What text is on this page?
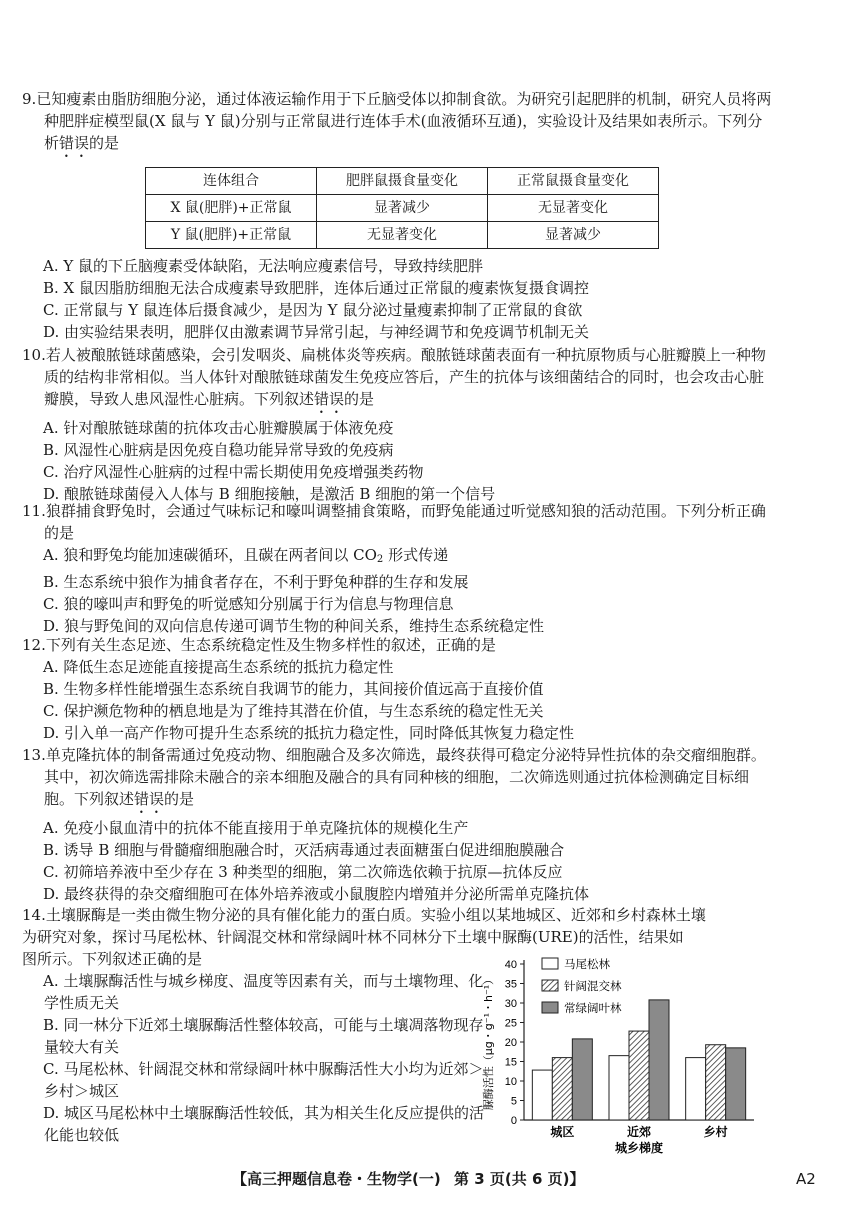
9.已知瘦素由脂肪细胞分泌，通过体液运输作用于下丘脑受体以抑制食欲。为研究引起肥胖的机制，研究人员将两种肥胖症模型鼠(X 鼠与 Y 鼠)分别与正常鼠进行连体手术(血液循环互通)，实验设计及结果如表所示。下列分析错误的是

连体组合	肥胖鼠摄食量变化	正常鼠摄食量变化
X 鼠(肥胖)+正常鼠	显著减少	无显著变化
Y 鼠(肥胖)+正常鼠	无显著变化	显著减少

A. Y 鼠的下丘脑瘦素受体缺陷，无法响应瘦素信号，导致持续肥胖

B. X 鼠因脂肪细胞无法合成瘦素导致肥胖，连体后通过正常鼠的瘦素恢复摄食调控

C. 正常鼠与 Y 鼠连体后摄食减少，是因为 Y 鼠分泌过量瘦素抑制了正常鼠的食欲

D. 由实验结果表明，肥胖仅由激素调节异常引起，与神经调节和免疫调节机制无关

10.若人被酿脓链球菌感染，会引发咽炎、扁桃体炎等疾病。酿脓链球菌表面有一种抗原物质与心脏瓣膜上一种物质的结构非常相似。当人体针对酿脓链球菌发生免疫应答后，产生的抗体与该细菌结合的同时，也会攻击心脏瓣膜，导致人患风湿性心脏病。下列叙述错误的是

A. 针对酿脓链球菌的抗体攻击心脏瓣膜属于体液免疫

B. 风湿性心脏病是因免疫自稳功能异常导致的免疫病

C. 治疗风湿性心脏病的过程中需长期使用免疫增强类药物

D. 酿脓链球菌侵入人体与 B 细胞接触，是激活 B 细胞的第一个信号

11.狼群捕食野兔时，会通过气味标记和嚎叫调整捕食策略，而野兔能通过听觉感知狼的活动范围。下列分析正确的是

A. 狼和野兔均能加速碳循环，且碳在两者间以 $CO_2$ 形式传递

B. 生态系统中狼作为捕食者存在，不利于野兔种群的生存和发展

C. 狼的嚎叫声和野兔的听觉感知分别属于行为信息与物理信息

D. 狼与野兔间的双向信息传递可调节生物的种间关系，维持生态系统稳定性

12.下列有关生态足迹、生态系统稳定性及生物多样性的叙述，正确的是

A. 降低生态足迹能直接提高生态系统的抵抗力稳定性

B. 生物多样性能增强生态系统自我调节的能力，其间接价值远高于直接价值

C. 保护濒危物种的栖息地是为了维持其潜在价值，与生态系统的稳定性无关

D. 引入单一高产作物可提升生态系统的抵抗力稳定性，同时降低其恢复力稳定性

13.单克隆抗体的制备需通过免疫动物、细胞融合及多次筛选，最终获得可稳定分泌特异性抗体的杂交瘤细胞群。其中，初次筛选需排除未融合的亲本细胞及融合的具有同种核的细胞，二次筛选则通过抗体检测确定目标细胞。下列叙述错误的是

A. 免疫小鼠血清中的抗体不能直接用于单克隆抗体的规模化生产

B. 诱导 B 细胞与骨髓瘤细胞融合时，灭活病毒通过表面糖蛋白促进细胞膜融合

C. 初筛培养液中至少存在 3 种类型的细胞，第二次筛选依赖于抗原—抗体反应

D. 最终获得的杂交瘤细胞可在体外培养液或小鼠腹腔内增殖并分泌所需单克隆抗体

14.土壤脲酶是一类由微生物分泌的具有催化能力的蛋白质。实验小组以某地城区、近郊和乡村森林土壤

为研究对象，探讨马尾松林、针阔混交林和常绿阔叶林不同林分下土壤中脲酶(URE)的活性，结果如

图所示。下列叙述正确的是

A. 土壤脲酶活性与城乡梯度、温度等因素有关，而与土壤物理、化学性质无关

B. 同一林分下近郊土壤脲酶活性整体较高，可能与土壤凋落物现存量较大有关

C. 马尾松林、针阔混交林和常绿阔叶林中脲酶活性大小均为近郊＞乡村＞城区

D. 城区马尾松林中土壤脲酶活性较低，其为相关生化反应提供的活化能也较低

0
5
10
15
20
25
30
35
40
脲酶活性（μg・g⁻¹・h⁻¹）
城区	近郊	乡村
城乡梯度
马尾松林
针阔混交林
常绿阔叶林
【高三押题信息卷・生物学(一) 第 3 页(共 6 页)】	A2
